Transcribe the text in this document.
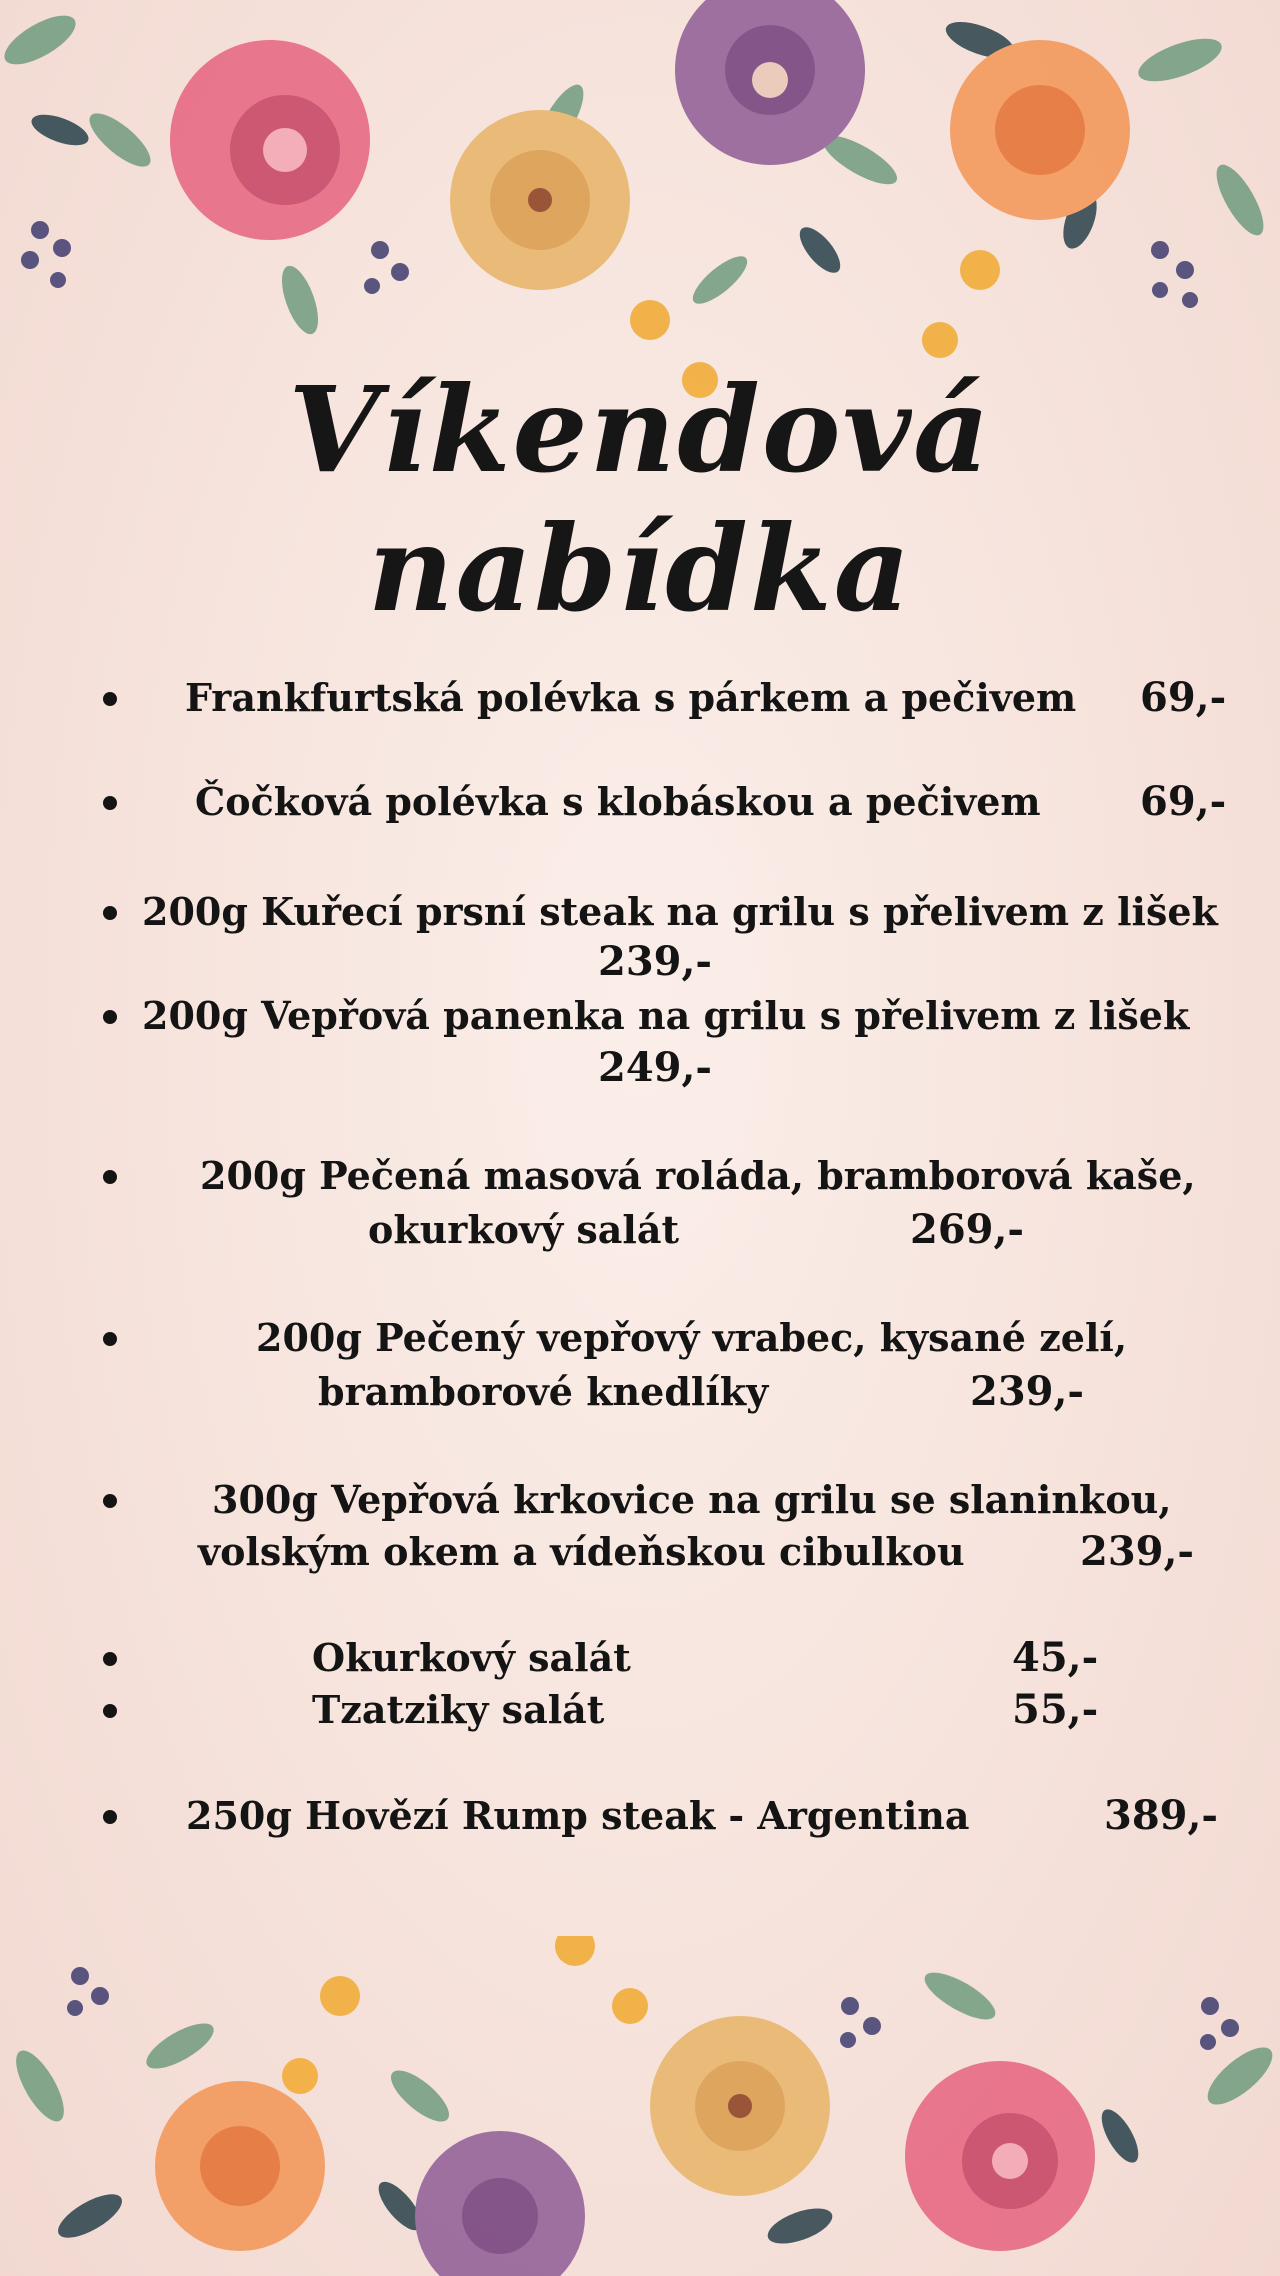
Víkendová nabídka
Frankfurtská polévka s párkem a pečivem 69,-
Čočková polévka s klobáskou a pečivem 69,-
200g Kuřecí prsní steak na grilu s přelivem z lišek
239,-
200g Vepřová panenka na grilu s přelivem z lišek
249,-
200g Pečená masová roláda, bramborová kaše,
okurkový salát	269,-
200g Pečený vepřový vrabec, kysané zelí,
bramborové knedlíky	239,-
300g Vepřová krkovice na grilu se slaninkou,
volským okem a vídeňskou cibulkou	239,-
Okurkový salát	45,-
Tzatziky salát	55,-
250g Hovězí Rump steak - Argentina	389,-
